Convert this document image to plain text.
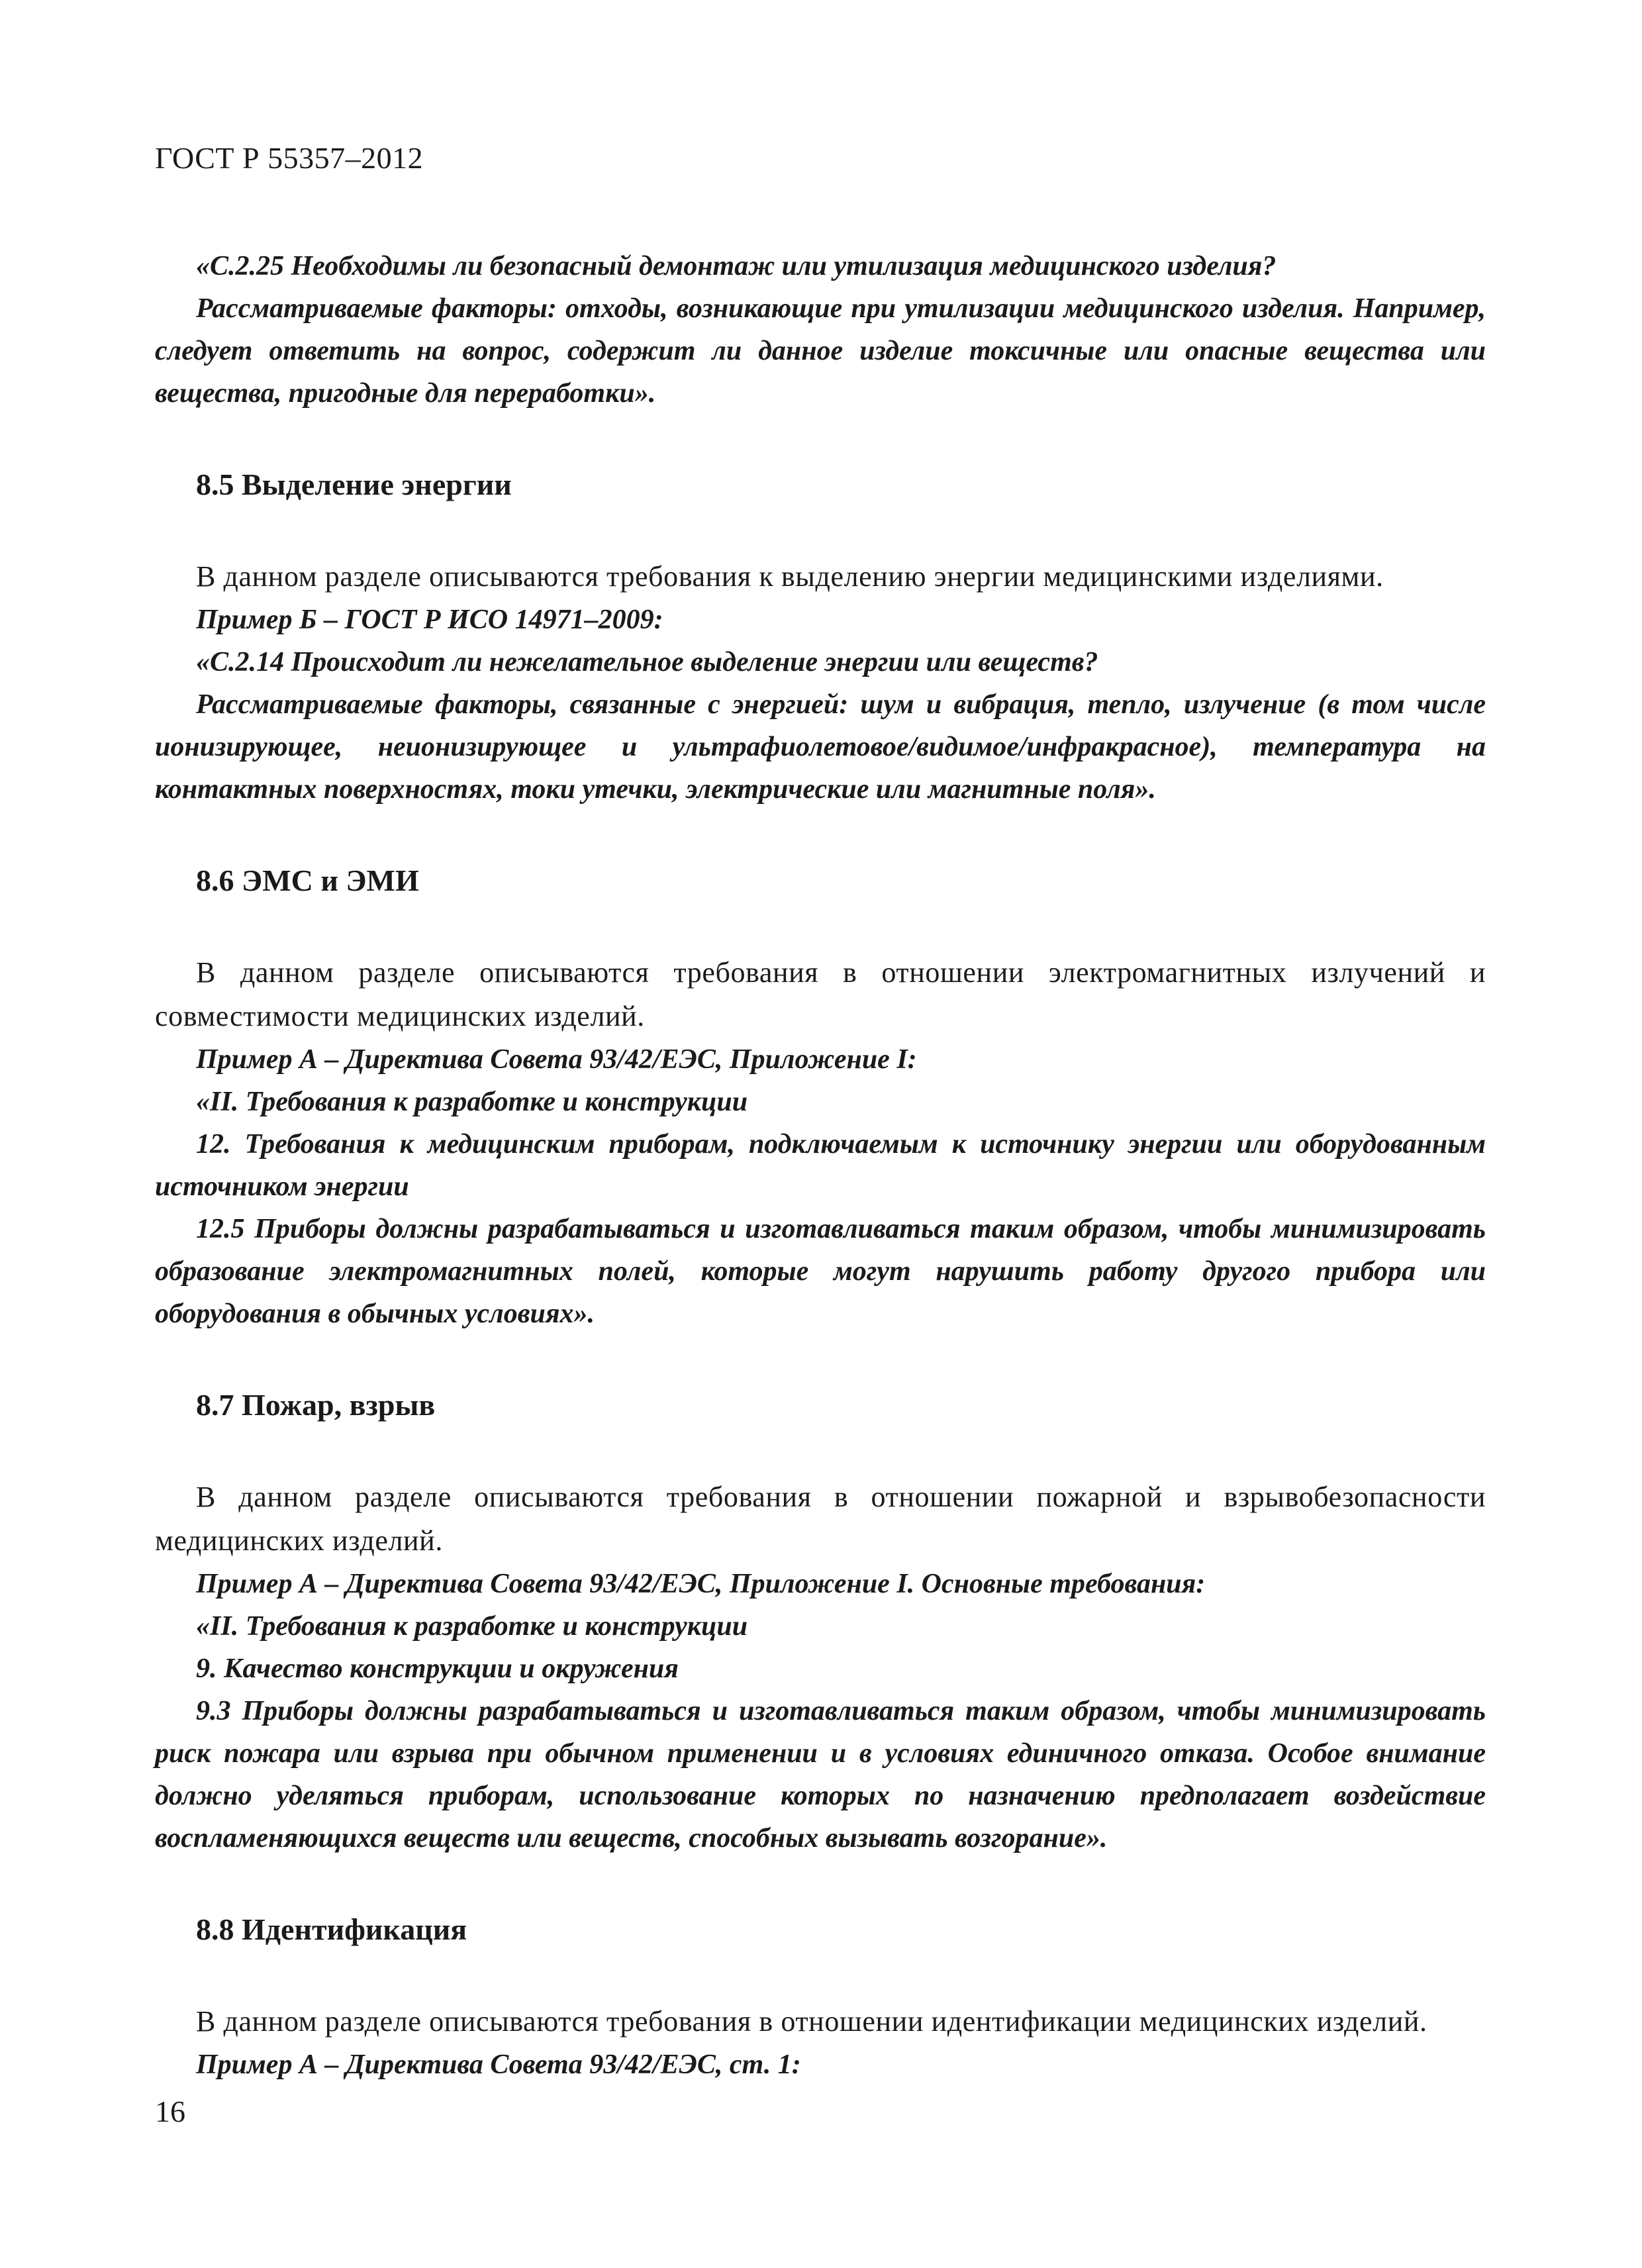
ГОСТ Р 55357–2012

«С.2.25 Необходимы ли безопасный демонтаж или утилизация медицинского изделия?

Рассматриваемые факторы: отходы, возникающие при утилизации медицинского изделия. Например, следует ответить на вопрос, содержит ли данное изделие токсичные или опасные вещества или вещества, пригодные для переработки».

8.5 Выделение энергии

В данном разделе описываются требования к выделению энергии медицинскими изделиями.

Пример Б – ГОСТ Р ИСО 14971–2009:

«С.2.14 Происходит ли нежелательное выделение энергии или веществ?

Рассматриваемые факторы, связанные с энергией: шум и вибрация, тепло, излучение (в том числе ионизирующее, неионизирующее и ультрафиолетовое/видимое/инфракрасное), температура на контактных поверхностях, токи утечки, электрические или магнитные поля».

8.6 ЭМС и ЭМИ

В данном разделе описываются требования в отношении электромагнитных излучений и совместимости медицинских изделий.

Пример А – Директива Совета 93/42/ЕЭС, Приложение I:

«II. Требования к разработке и конструкции

12. Требования к медицинским приборам, подключаемым к источнику энергии или оборудованным источником энергии

12.5 Приборы должны разрабатываться и изготавливаться таким образом, чтобы минимизировать образование электромагнитных полей, которые могут нарушить работу другого прибора или оборудования в обычных условиях».

8.7 Пожар, взрыв

В данном разделе описываются требования в отношении пожарной и взрывобезопасности медицинских изделий.

Пример А – Директива Совета 93/42/ЕЭС, Приложение I. Основные требования:

«II. Требования к разработке и конструкции

9. Качество конструкции и окружения

9.3 Приборы должны разрабатываться и изготавливаться таким образом, чтобы минимизировать риск пожара или взрыва при обычном применении и в условиях единичного отказа. Особое внимание должно уделяться приборам, использование которых по назначению предполагает воздействие воспламеняющихся веществ или веществ, способных вызывать возгорание».

8.8 Идентификация

В данном разделе описываются требования в отношении идентификации медицинских изделий.

Пример А – Директива Совета 93/42/ЕЭС, ст. 1:

16
